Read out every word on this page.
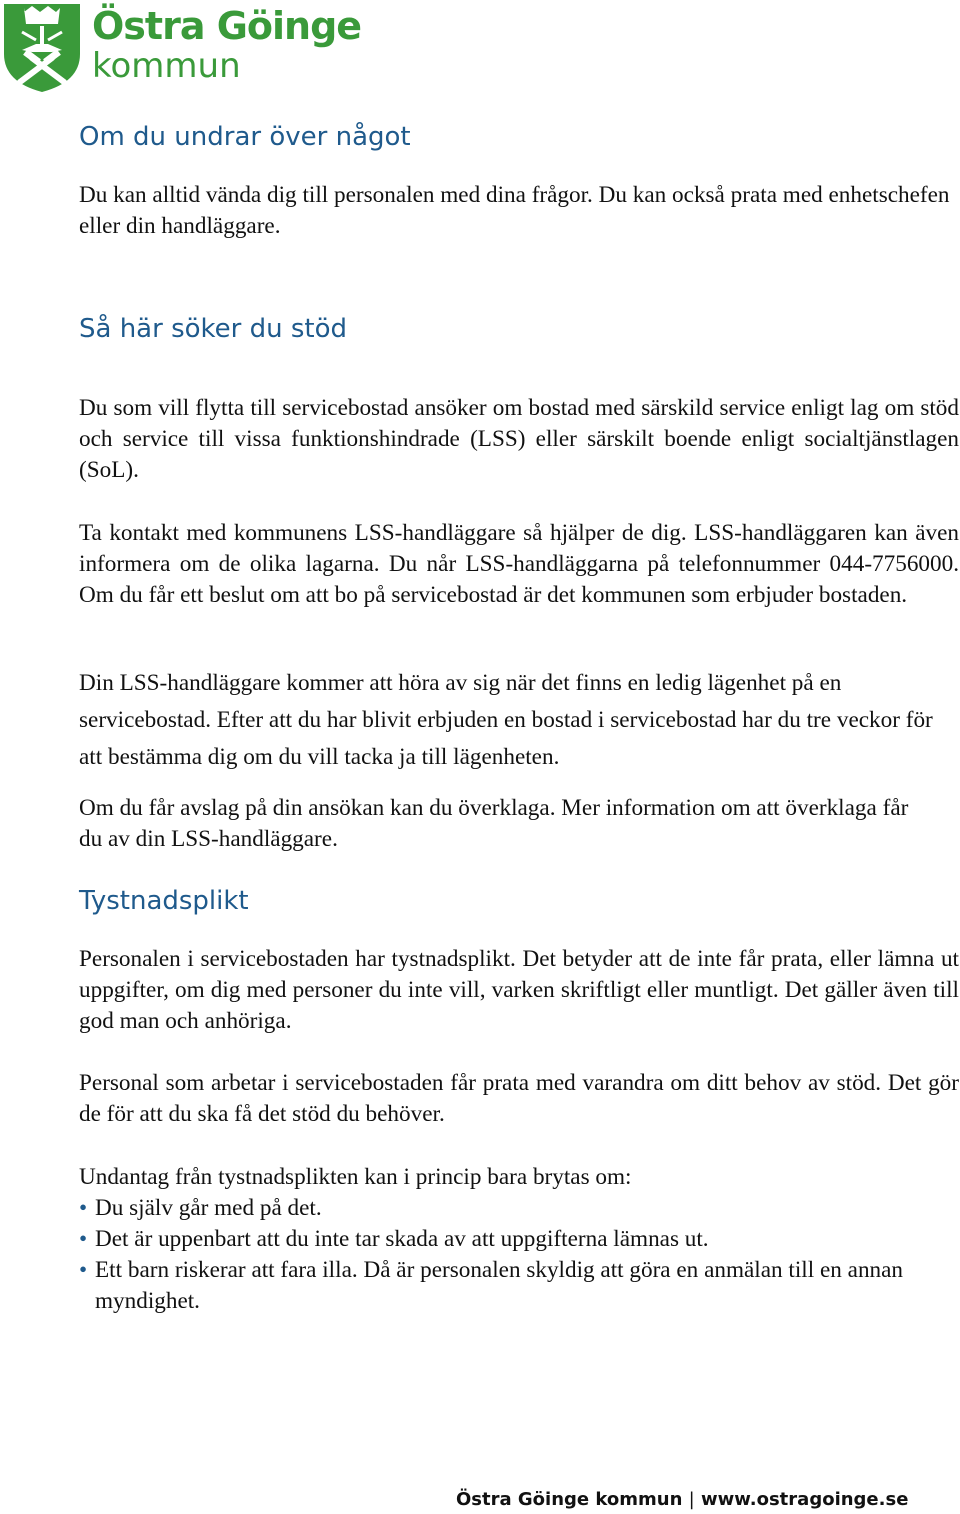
Östra Göinge
kommun
Om du undrar över något

Du kan alltid vända dig till personalen med dina frågor. Du kan också prata med enhetschefen eller din handläggare.

Så här söker du stöd

Du som vill flytta till servicebostad ansöker om bostad med särskild service enligt lag om stöd och service till vissa funktionshindrade (LSS) eller särskilt boende enligt socialtjänstlagen (SoL).

Ta kontakt med kommunens LSS-handläggare så hjälper de dig. LSS-handläggaren kan även informera om de olika lagarna. Du når LSS-handläggarna på telefonnummer 044-7756000. Om du får ett beslut om att bo på servicebostad är det kommunen som erbjuder bostaden.

Din LSS-handläggare kommer att höra av sig när det finns en ledig lägenhet på en servicebostad. Efter att du har blivit erbjuden en bostad i servicebostad har du tre veckor för att bestämma dig om du vill tacka ja till lägenheten.

Om du får avslag på din ansökan kan du överklaga. Mer information om att överklaga får du av din LSS-handläggare.

Tystnadsplikt

Personalen i servicebostaden har tystnadsplikt. Det betyder att de inte får prata, eller lämna ut uppgifter, om dig med personer du inte vill, varken skriftligt eller muntligt. Det gäller även till god man och anhöriga.

Personal som arbetar i servicebostaden får prata med varandra om ditt behov av stöd. Det gör de för att du ska få det stöd du behöver.

Undantag från tystnadsplikten kan i princip bara brytas om:

• Du själv går med på det.
• Det är uppenbart att du inte tar skada av att uppgifterna lämnas ut.
• Ett barn riskerar att fara illa. Då är personalen skyldig att göra en anmälan till en annan myndighet.
Östra Göinge kommun | www.ostragoinge.se
